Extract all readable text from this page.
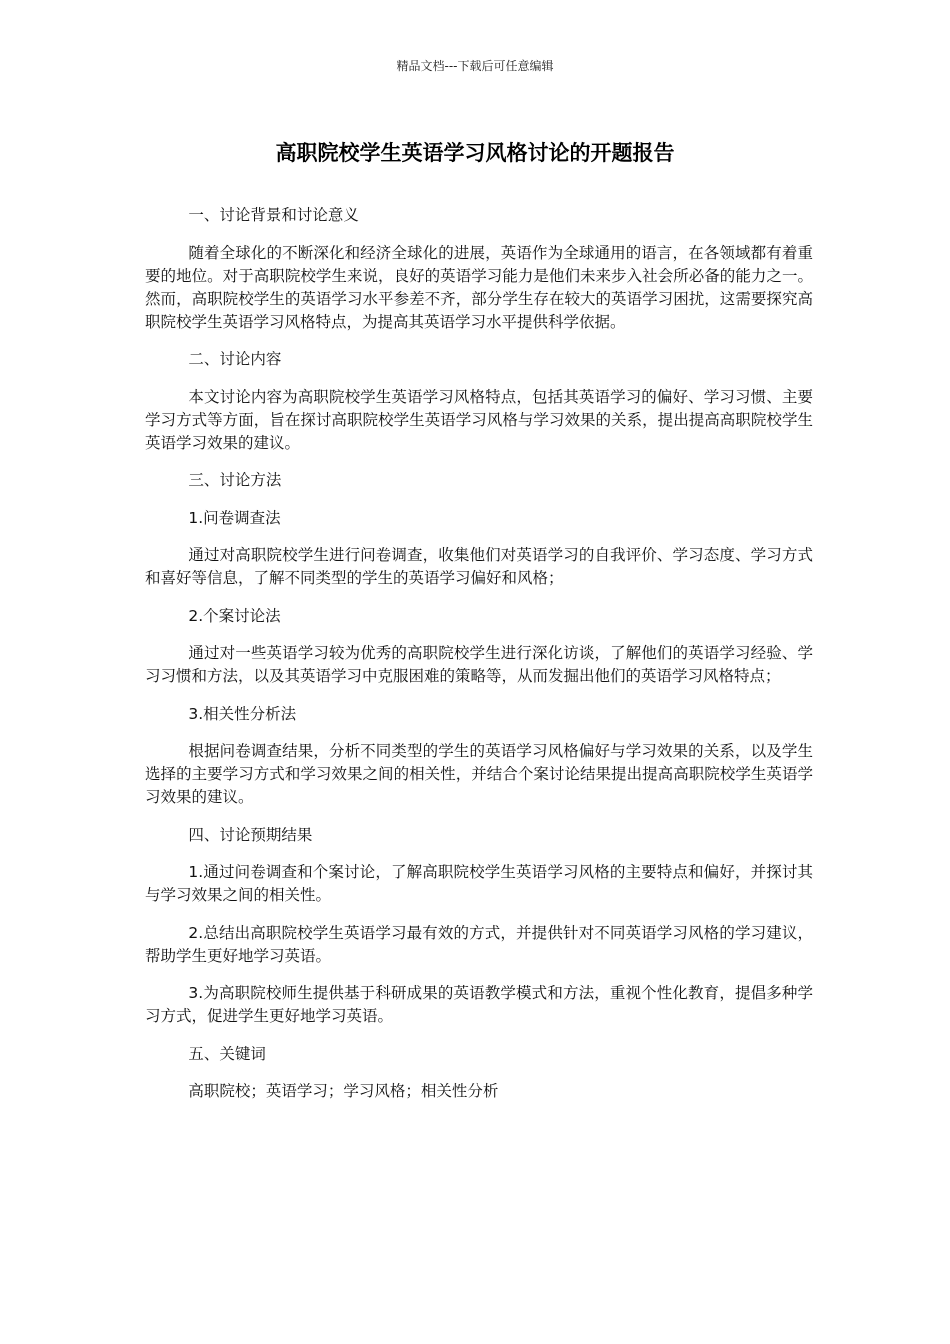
精品文档---下载后可任意编辑
高职院校学生英语学习风格讨论的开题报告

一、讨论背景和讨论意义

随着全球化的不断深化和经济全球化的进展，英语作为全球通用的语言，在各领域都有着重要的地位。对于高职院校学生来说，良好的英语学习能力是他们未来步入社会所必备的能力之一。然而，高职院校学生的英语学习水平参差不齐，部分学生存在较大的英语学习困扰，这需要探究高职院校学生英语学习风格特点，为提高其英语学习水平提供科学依据。

二、讨论内容

本文讨论内容为高职院校学生英语学习风格特点，包括其英语学习的偏好、学习习惯、主要学习方式等方面，旨在探讨高职院校学生英语学习风格与学习效果的关系，提出提高高职院校学生英语学习效果的建议。

三、讨论方法

1.问卷调查法

通过对高职院校学生进行问卷调查，收集他们对英语学习的自我评价、学习态度、学习方式和喜好等信息，了解不同类型的学生的英语学习偏好和风格；

2.个案讨论法

通过对一些英语学习较为优秀的高职院校学生进行深化访谈，了解他们的英语学习经验、学习习惯和方法，以及其英语学习中克服困难的策略等，从而发掘出他们的英语学习风格特点；

3.相关性分析法

根据问卷调查结果，分析不同类型的学生的英语学习风格偏好与学习效果的关系，以及学生选择的主要学习方式和学习效果之间的相关性，并结合个案讨论结果提出提高高职院校学生英语学习效果的建议。

四、讨论预期结果

1.通过问卷调查和个案讨论，了解高职院校学生英语学习风格的主要特点和偏好，并探讨其与学习效果之间的相关性。

2.总结出高职院校学生英语学习最有效的方式，并提供针对不同英语学习风格的学习建议，帮助学生更好地学习英语。

3.为高职院校师生提供基于科研成果的英语教学模式和方法，重视个性化教育，提倡多种学习方式，促进学生更好地学习英语。

五、关键词

高职院校；英语学习；学习风格；相关性分析
